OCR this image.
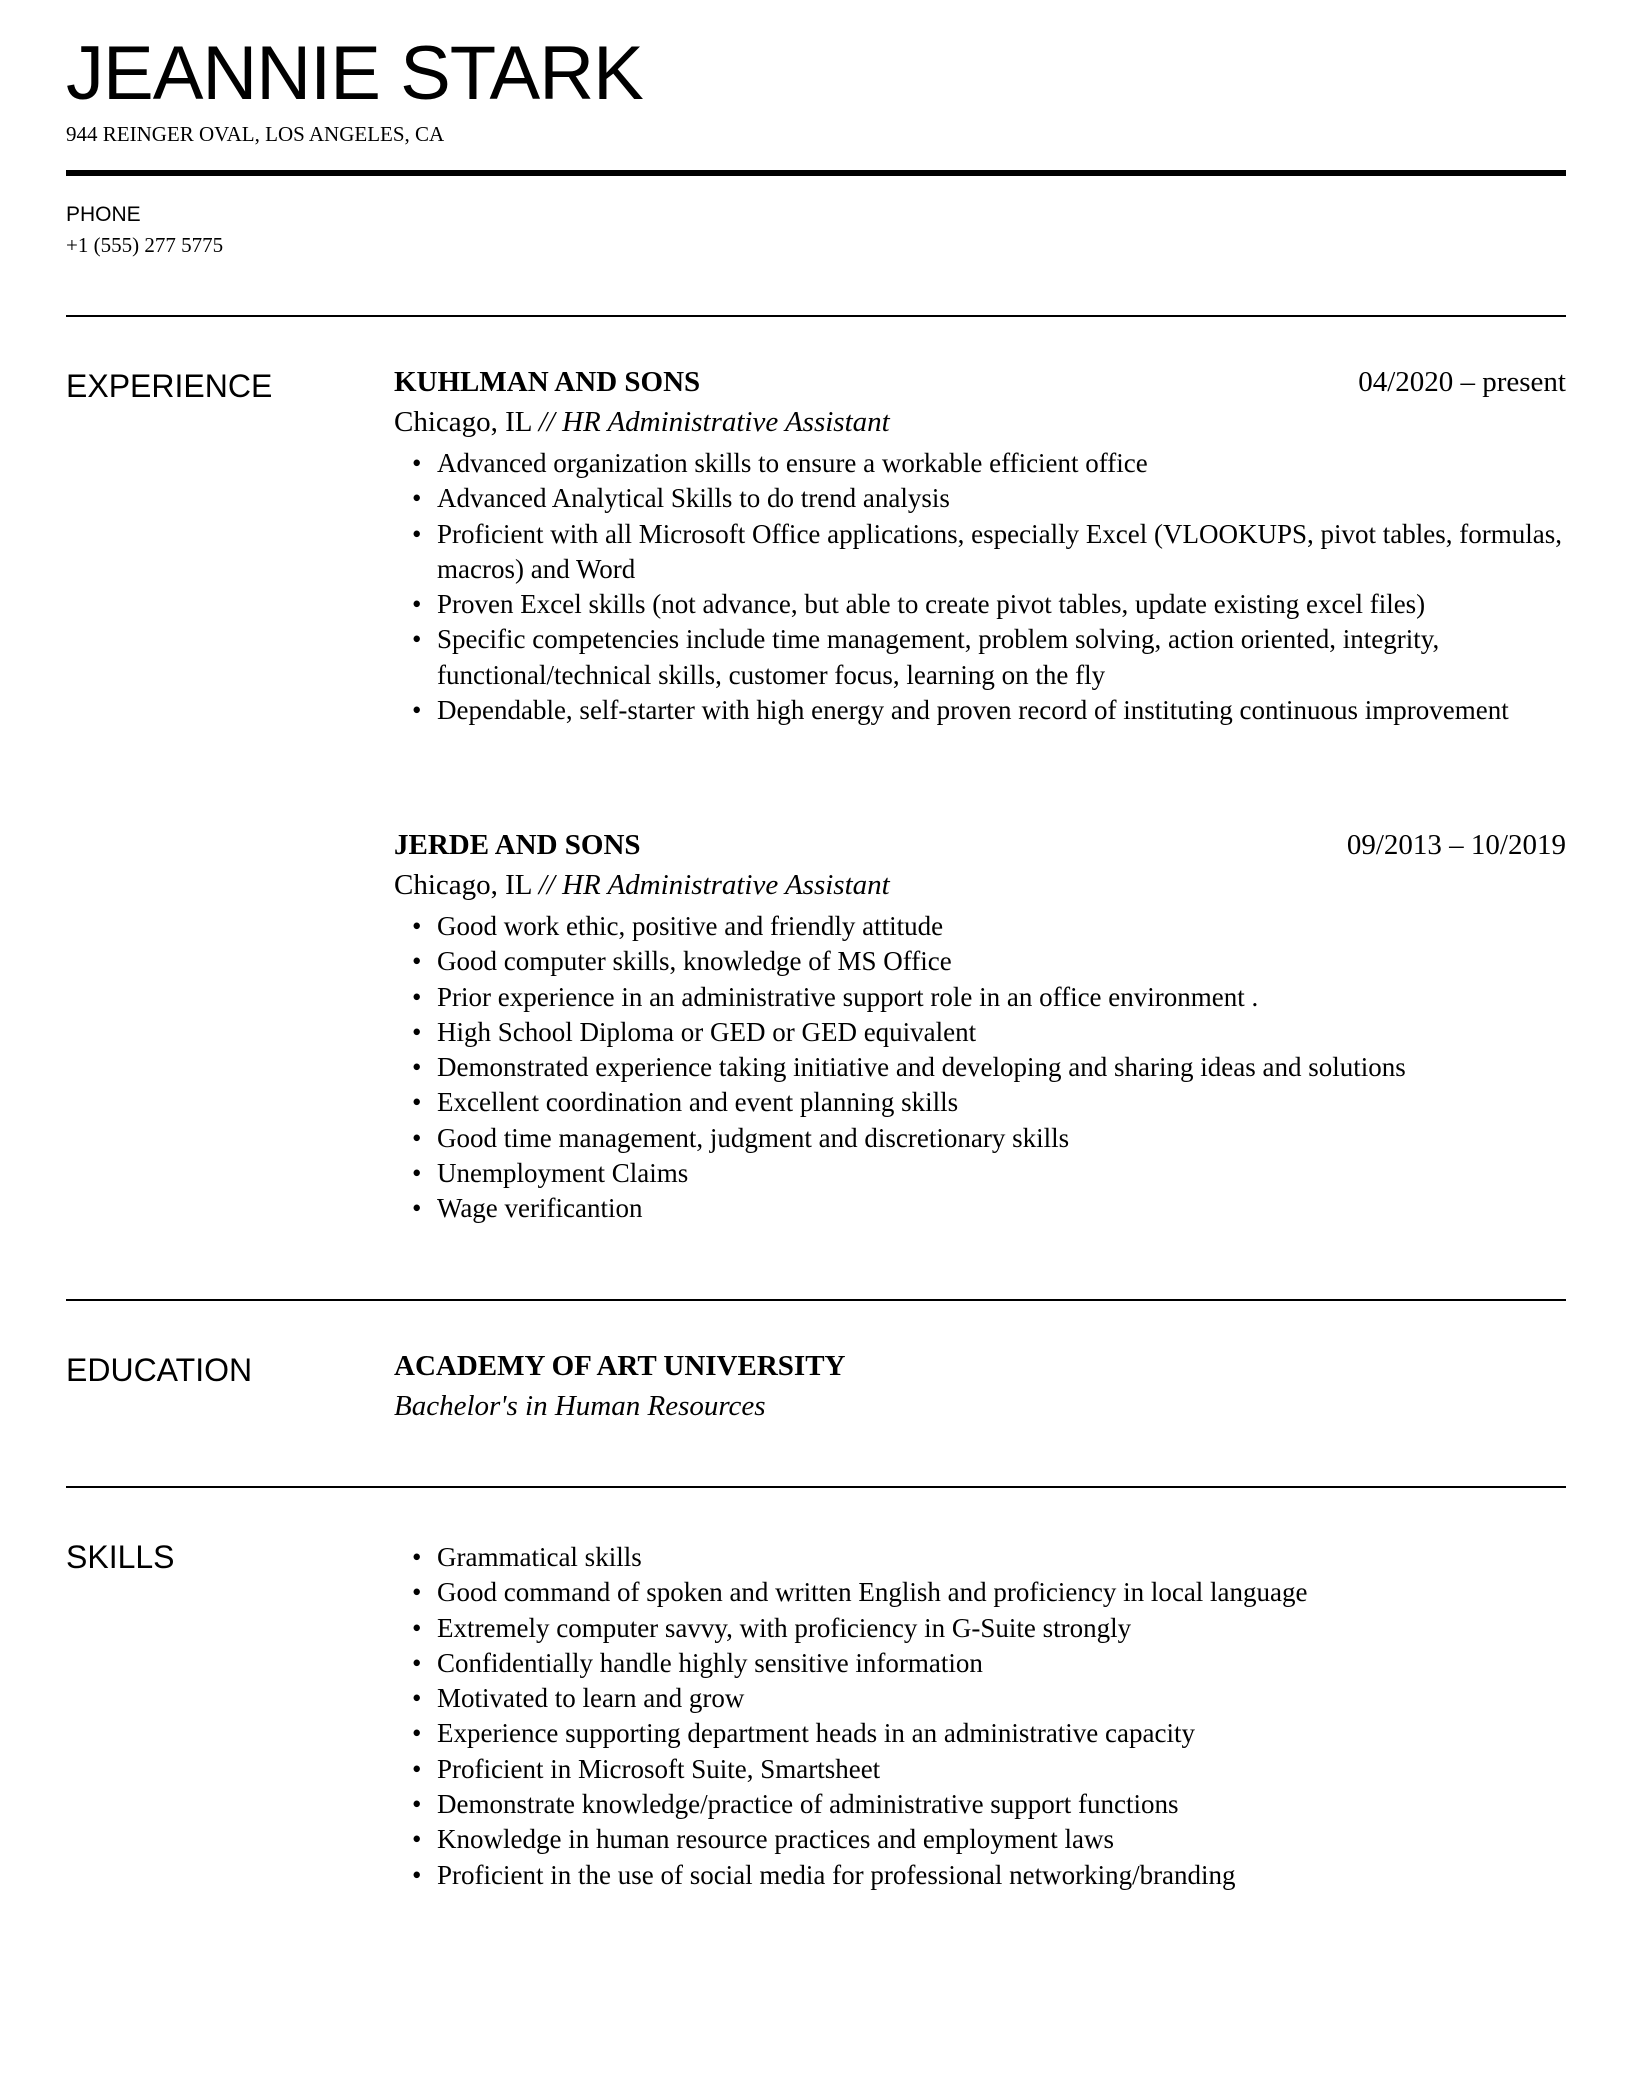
JEANNIE STARK
944 REINGER OVAL, LOS ANGELES, CA
PHONE
+1 (555) 277 5775
EXPERIENCE	KUHLMAN AND SONS	04/2020 – present
Chicago, IL // HR Administrative Assistant
• Advanced organization skills to ensure a workable efficient office
• Advanced Analytical Skills to do trend analysis
• Proficient with all Microsoft Office applications, especially Excel (VLOOKUPS, pivot tables, formulas, macros) and Word
• Proven Excel skills (not advance, but able to create pivot tables, update existing excel files)
• Specific competencies include time management, problem solving, action oriented, integrity, functional/technical skills, customer focus, learning on the fly
• Dependable, self-starter with high energy and proven record of instituting continuous improvement
JERDE AND SONS	09/2013 – 10/2019
Chicago, IL // HR Administrative Assistant
• Good work ethic, positive and friendly attitude
• Good computer skills, knowledge of MS Office
• Prior experience in an administrative support role in an office environment .
• High School Diploma or GED or GED equivalent
• Demonstrated experience taking initiative and developing and sharing ideas and solutions
• Excellent coordination and event planning skills
• Good time management, judgment and discretionary skills
• Unemployment Claims
• Wage verificantion
EDUCATION	ACADEMY OF ART UNIVERSITY
Bachelor's in Human Resources
SKILLS
•	Grammatical skills
• Good command of spoken and written English and proficiency in local language
• Extremely computer savvy, with proficiency in G-Suite strongly
• Confidentially handle highly sensitive information
• Motivated to learn and grow
• Experience supporting department heads in an administrative capacity
• Proficient in Microsoft Suite, Smartsheet
• Demonstrate knowledge/practice of administrative support functions
• Knowledge in human resource practices and employment laws
• Proficient in the use of social media for professional networking/branding
